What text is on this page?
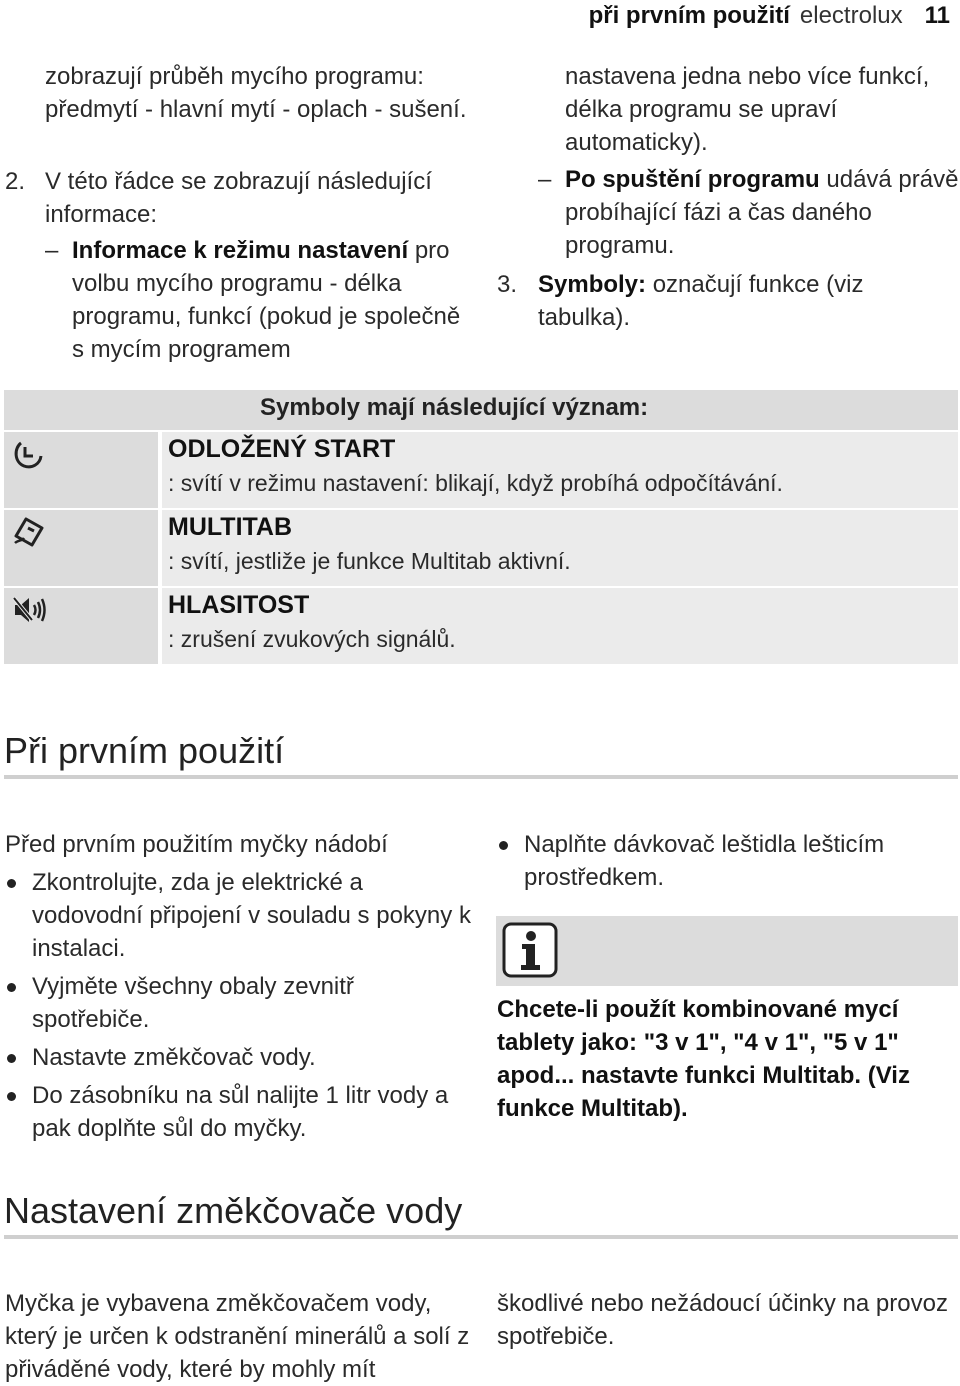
při prvním použití electrolux 11
zobrazují průběh mycího programu: předmytí - hlavní mytí - oplach - sušení.
2. V této řádce se zobrazují následující informace:
– Informace k režimu nastavení pro volbu mycího programu - délka programu, funkcí (pokud je společně s mycím programem
nastavena jedna nebo více funkcí, délka programu se upraví automaticky).
– Po spuštění programu udává právě probíhající fázi a čas daného programu.
3. Symboly: označují funkce (viz tabulka).
Symboly mají následující význam:
ODLOŽENÝ START
: svítí v režimu nastavení: blikají, když probíhá odpočítávání.
MULTITAB
: svítí, jestliže je funkce Multitab aktivní.
HLASITOST
: zrušení zvukových signálů.
Při prvním použití
Před prvním použitím myčky nádobí
Zkontrolujte, zda je elektrické a vodovodní připojení v souladu s pokyny k instalaci.
Vyjměte všechny obaly zevnitř spotřebiče.
Nastavte změkčovač vody.
Do zásobníku na sůl nalijte 1 litr vody a pak doplňte sůl do myčky.
Naplňte dávkovač leštidla lešticím prostředkem.
Chcete-li použít kombinované mycí tablety jako: "3 v 1", "4 v 1", "5 v 1" apod... nastavte funkci Multitab. (Viz funkce Multitab).
Nastavení změkčovače vody
Myčka je vybavena změkčovačem vody, který je určen k odstranění minerálů a solí z přiváděné vody, které by mohly mít
škodlivé nebo nežádoucí účinky na provoz spotřebiče.
